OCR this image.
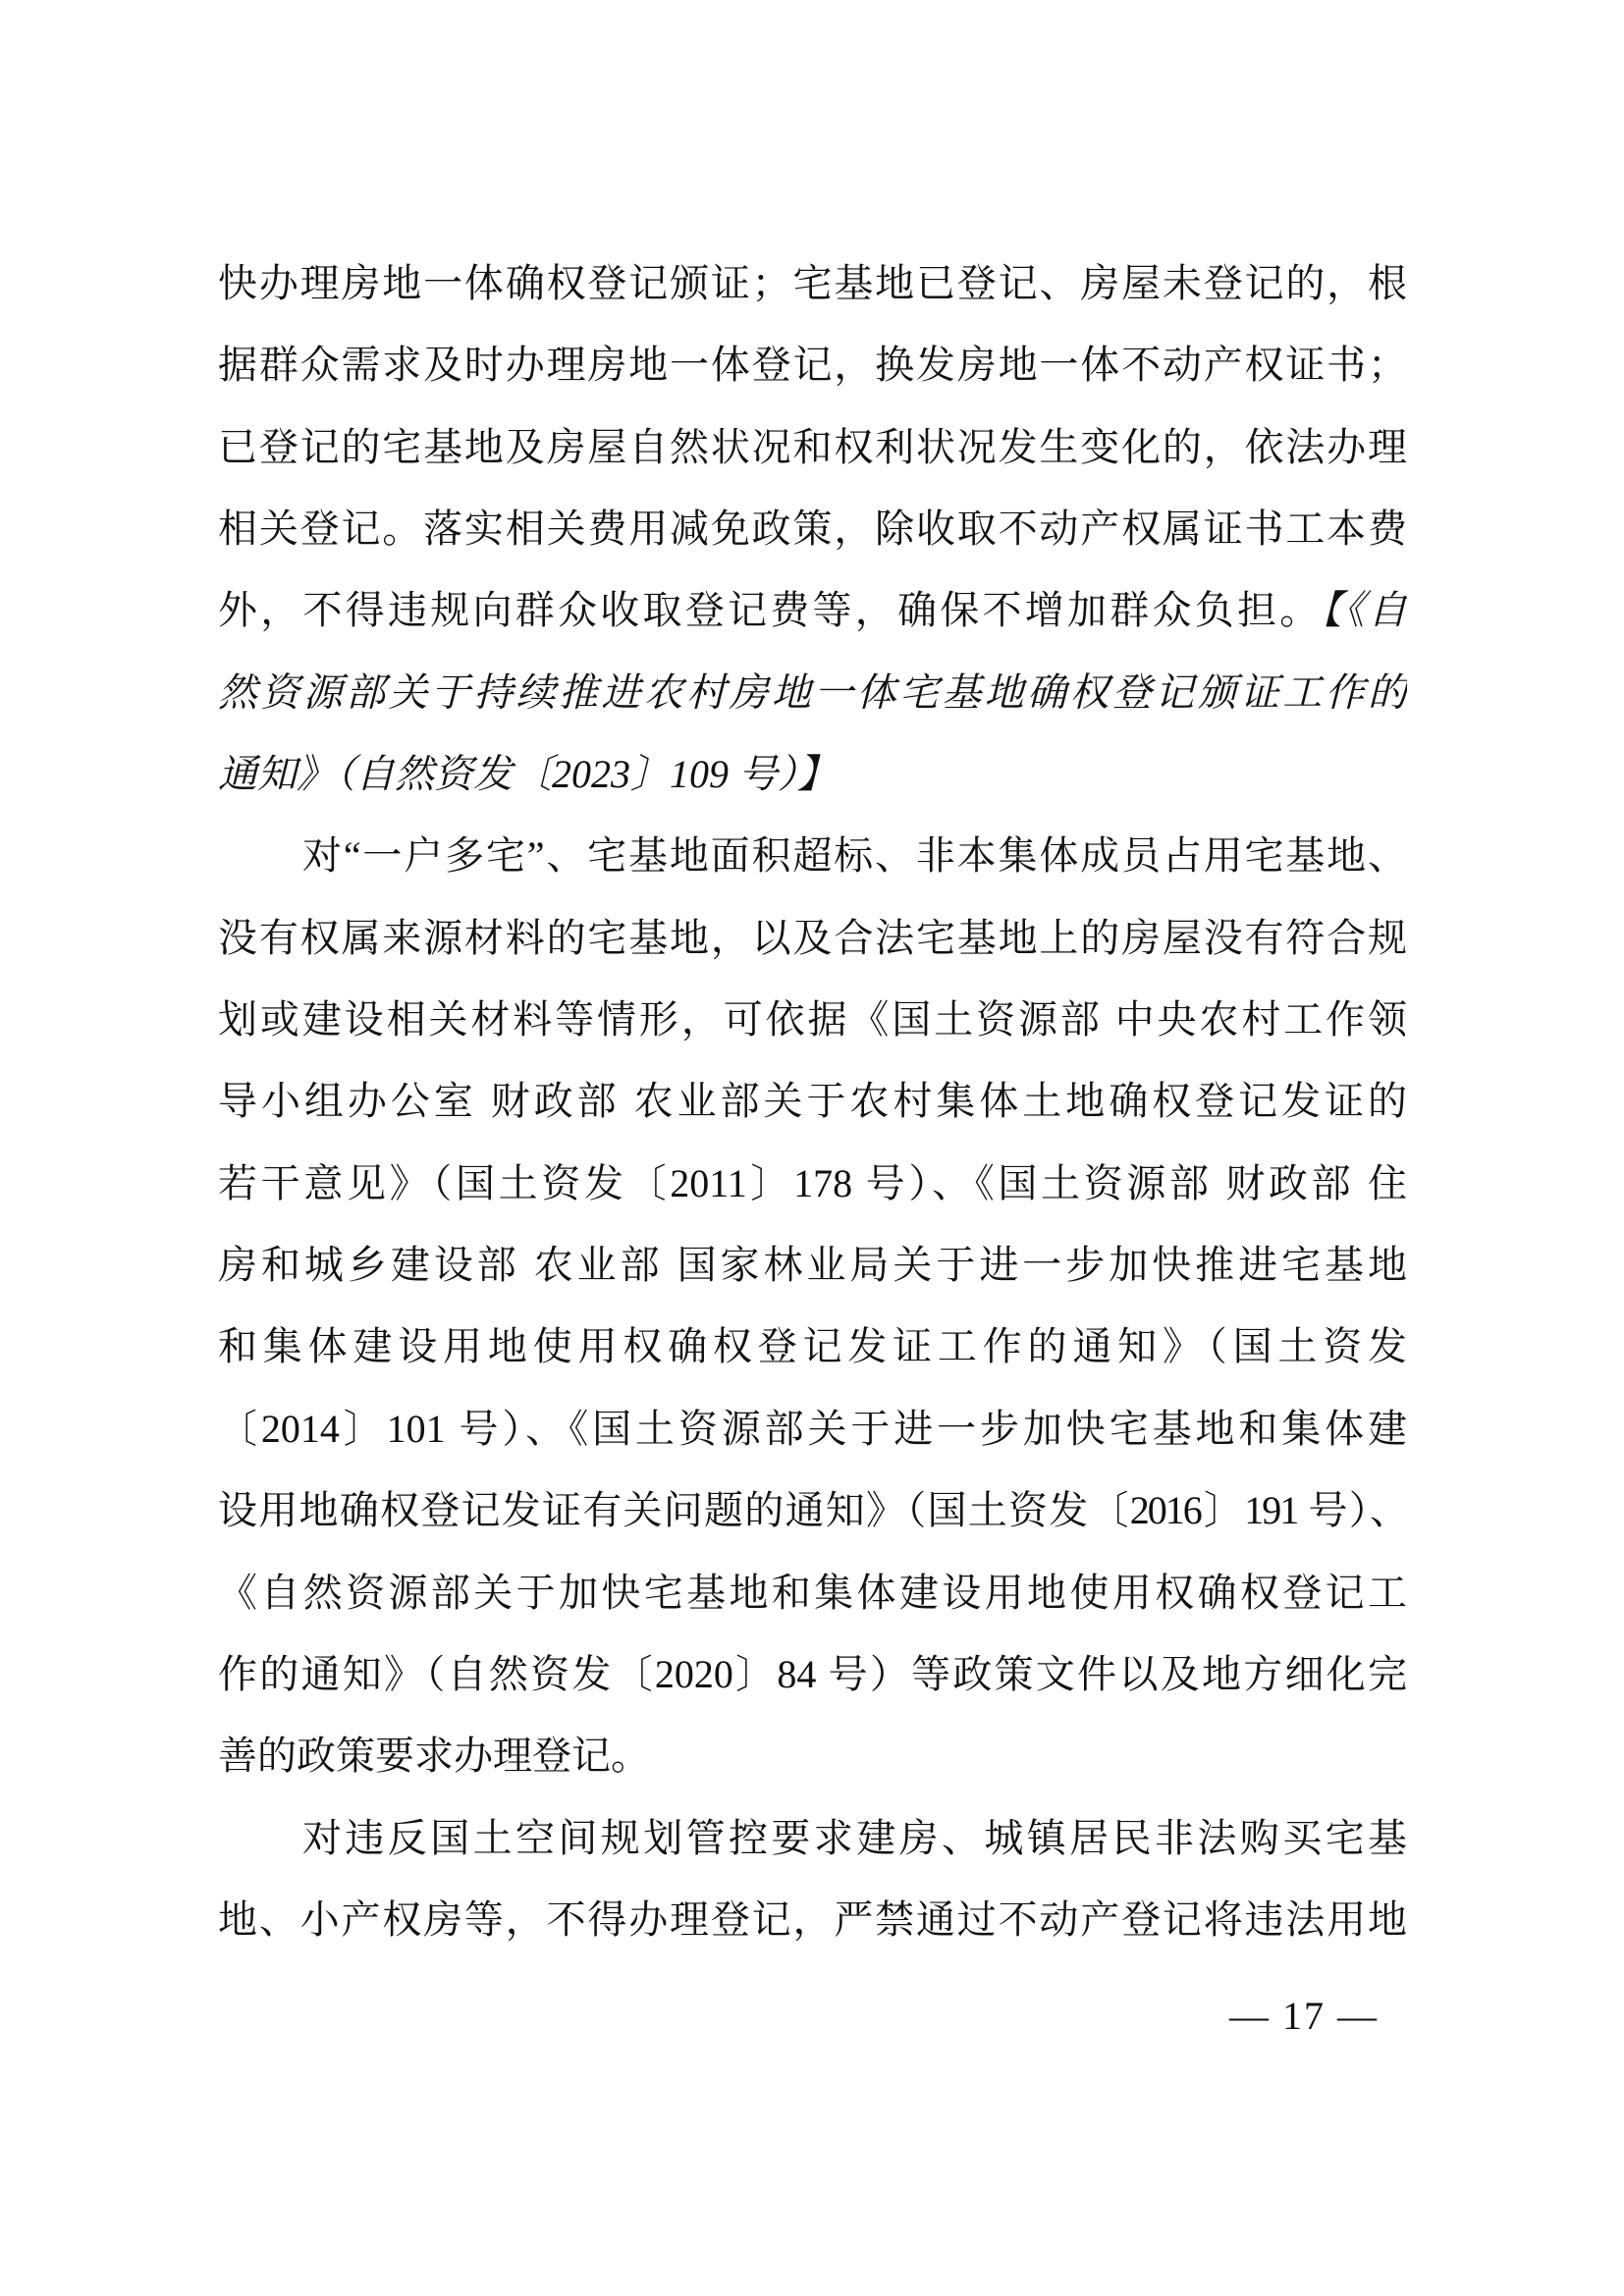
快办理房地一体确权登记颁证；宅基地已登记、房屋未登记的，根
据群众需求及时办理房地一体登记，换发房地一体不动产权证书；
已登记的宅基地及房屋自然状况和权利状况发生变化的，依法办理
相关登记。落实相关费用减免政策，除收取不动产权属证书工本费
外，不得违规向群众收取登记费等，确保不增加群众负担。【《自
然资源部关于持续推进农村房地一体宅基地确权登记颁证工作的
通知》（自然资发〔2023〕109 号）】
对“一户多宅”、宅基地面积超标、非本集体成员占用宅基地、
没有权属来源材料的宅基地，以及合法宅基地上的房屋没有符合规
划或建设相关材料等情形，可依据《国土资源部 中央农村工作领
导小组办公室 财政部 农业部关于农村集体土地确权登记发证的
若干意见》（国土资发〔2011〕178 号）、《国土资源部 财政部 住
房和城乡建设部 农业部 国家林业局关于进一步加快推进宅基地
和集体建设用地使用权确权登记发证工作的通知》（国土资发
〔2014〕101 号）、《国土资源部关于进一步加快宅基地和集体建
设用地确权登记发证有关问题的通知》（国土资发〔2016〕191 号）、
《自然资源部关于加快宅基地和集体建设用地使用权确权登记工
作的通知》（自然资发〔2020〕84 号）等政策文件以及地方细化完
善的政策要求办理登记。
对违反国土空间规划管控要求建房、城镇居民非法购买宅基
地、小产权房等，不得办理登记，严禁通过不动产登记将违法用地
— 17 —
